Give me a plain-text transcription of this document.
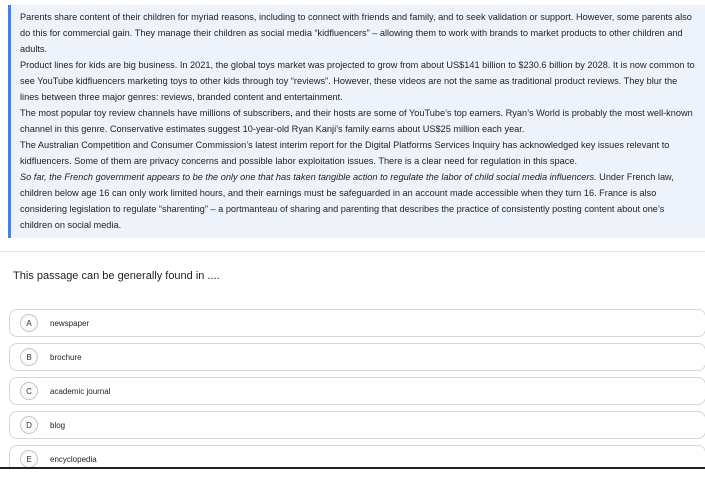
Parents share content of their children for myriad reasons, including to connect with friends and family, and to seek validation or support. However, some parents also do this for commercial gain. They manage their children as social media “kidfluencers” – allowing them to work with brands to market products to other children and adults.

Product lines for kids are big business. In 2021, the global toys market was projected to grow from about US$141 billion to $230.6 billion by 2028. It is now common to see YouTube kidfluencers marketing toys to other kids through toy “reviews”. However, these videos are not the same as traditional product reviews. They blur the lines between three major genres: reviews, branded content and entertainment.

The most popular toy review channels have millions of subscribers, and their hosts are some of YouTube’s top earners. Ryan’s World is probably the most well-known channel in this genre. Conservative estimates suggest 10-year-old Ryan Kanji’s family earns about US$25 million each year.

The Australian Competition and Consumer Commission’s latest interim report for the Digital Platforms Services Inquiry has acknowledged key issues relevant to kidfluencers. Some of them are privacy concerns and possible labor exploitation issues. There is a clear need for regulation in this space.

So far, the French government appears to be the only one that has taken tangible action to regulate the labor of child social media influencers. Under French law, children below age 16 can only work limited hours, and their earnings must be safeguarded in an account made accessible when they turn 16. France is also considering legislation to regulate “sharenting” – a portmanteau of sharing and parenting that describes the practice of consistently posting content about one’s children on social media.

This passage can be generally found in ....
A	newspaper
B	brochure
C	academic journal
D	blog
E	encyclopedia
